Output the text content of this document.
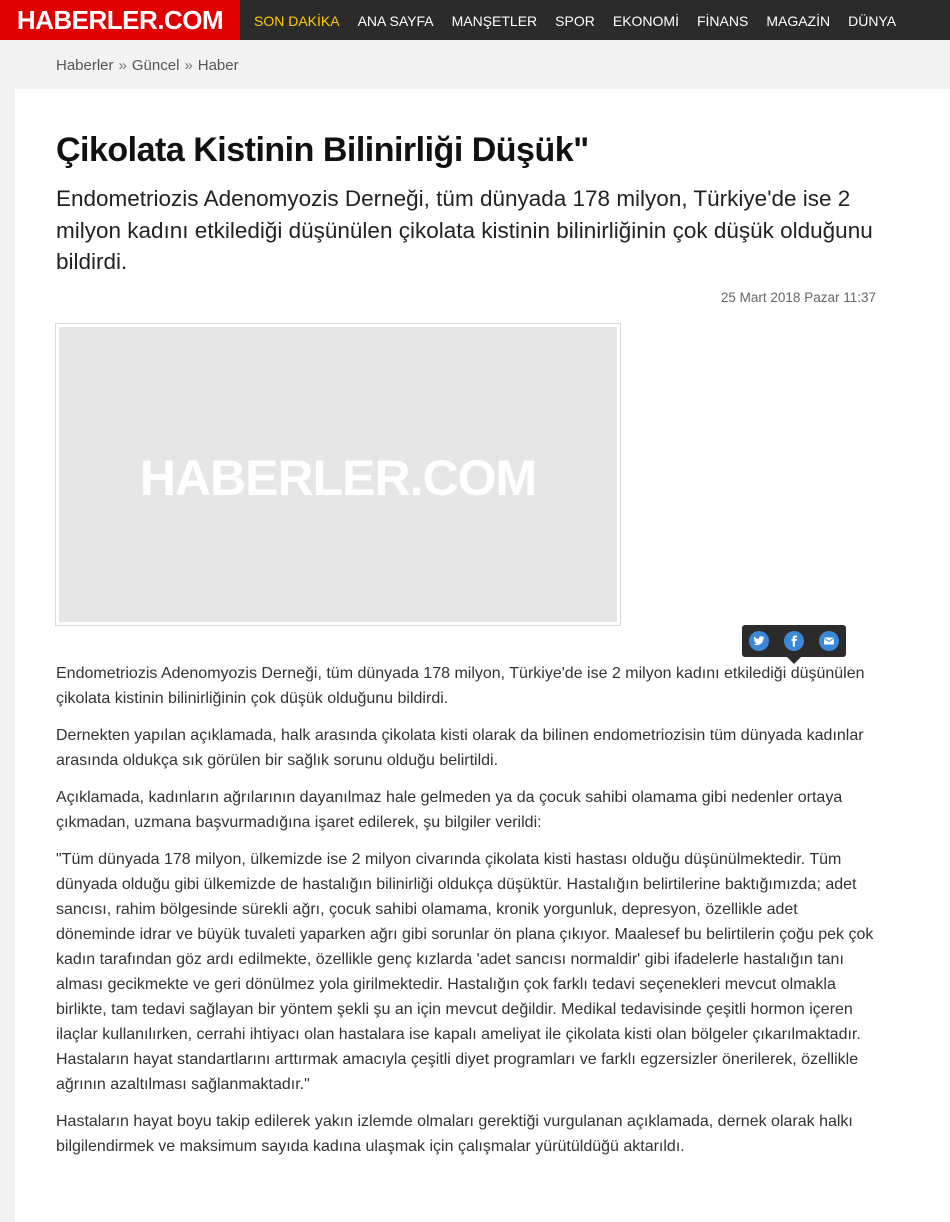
HABERLER.COM	SON DAKİKA	ANA SAYFA	MANŞETLER	SPOR	EKONOMİ	FİNANS	MAGAZİN	DÜNYA
Haberler » Güncel » Haber
Çikolata Kistinin Bilinirliği Düşük"

Endometriozis Adenomyozis Derneği, tüm dünyada 178 milyon, Türkiye'de ise 2 milyon kadını etkilediği düşünülen çikolata kistinin bilinirliğinin çok düşük olduğunu bildirdi.

25 Mart 2018 Pazar 11:37
HABERLER.COM

Endometriozis Adenomyozis Derneği, tüm dünyada 178 milyon, Türkiye'de ise 2 milyon kadını etkilediği düşünülen çikolata kistinin bilinirliğinin çok düşük olduğunu bildirdi.

Dernekten yapılan açıklamada, halk arasında çikolata kisti olarak da bilinen endometriozisin tüm dünyada kadınlar arasında oldukça sık görülen bir sağlık sorunu olduğu belirtildi.

Açıklamada, kadınların ağrılarının dayanılmaz hale gelmeden ya da çocuk sahibi olamama gibi nedenler ortaya çıkmadan, uzmana başvurmadığına işaret edilerek, şu bilgiler verildi:

"Tüm dünyada 178 milyon, ülkemizde ise 2 milyon civarında çikolata kisti hastası olduğu düşünülmektedir. Tüm dünyada olduğu gibi ülkemizde de hastalığın bilinirliği oldukça düşüktür. Hastalığın belirtilerine baktığımızda; adet sancısı, rahim bölgesinde sürekli ağrı, çocuk sahibi olamama, kronik yorgunluk, depresyon, özellikle adet döneminde idrar ve büyük tuvaleti yaparken ağrı gibi sorunlar ön plana çıkıyor. Maalesef bu belirtilerin çoğu pek çok kadın tarafından göz ardı edilmekte, özellikle genç kızlarda 'adet sancısı normaldir' gibi ifadelerle hastalığın tanı alması gecikmekte ve geri dönülmez yola girilmektedir. Hastalığın çok farklı tedavi seçenekleri mevcut olmakla birlikte, tam tedavi sağlayan bir yöntem şekli şu an için mevcut değildir. Medikal tedavisinde çeşitli hormon içeren ilaçlar kullanılırken, cerrahi ihtiyacı olan hastalara ise kapalı ameliyat ile çikolata kisti olan bölgeler çıkarılmaktadır. Hastaların hayat standartlarını arttırmak amacıyla çeşitli diyet programları ve farklı egzersizler önerilerek, özellikle ağrının azaltılması sağlanmaktadır."

Hastaların hayat boyu takip edilerek yakın izlemde olmaları gerektiği vurgulanan açıklamada, dernek olarak halkı bilgilendirmek ve maksimum sayıda kadına ulaşmak için çalışmalar yürütüldüğü aktarıldı.
